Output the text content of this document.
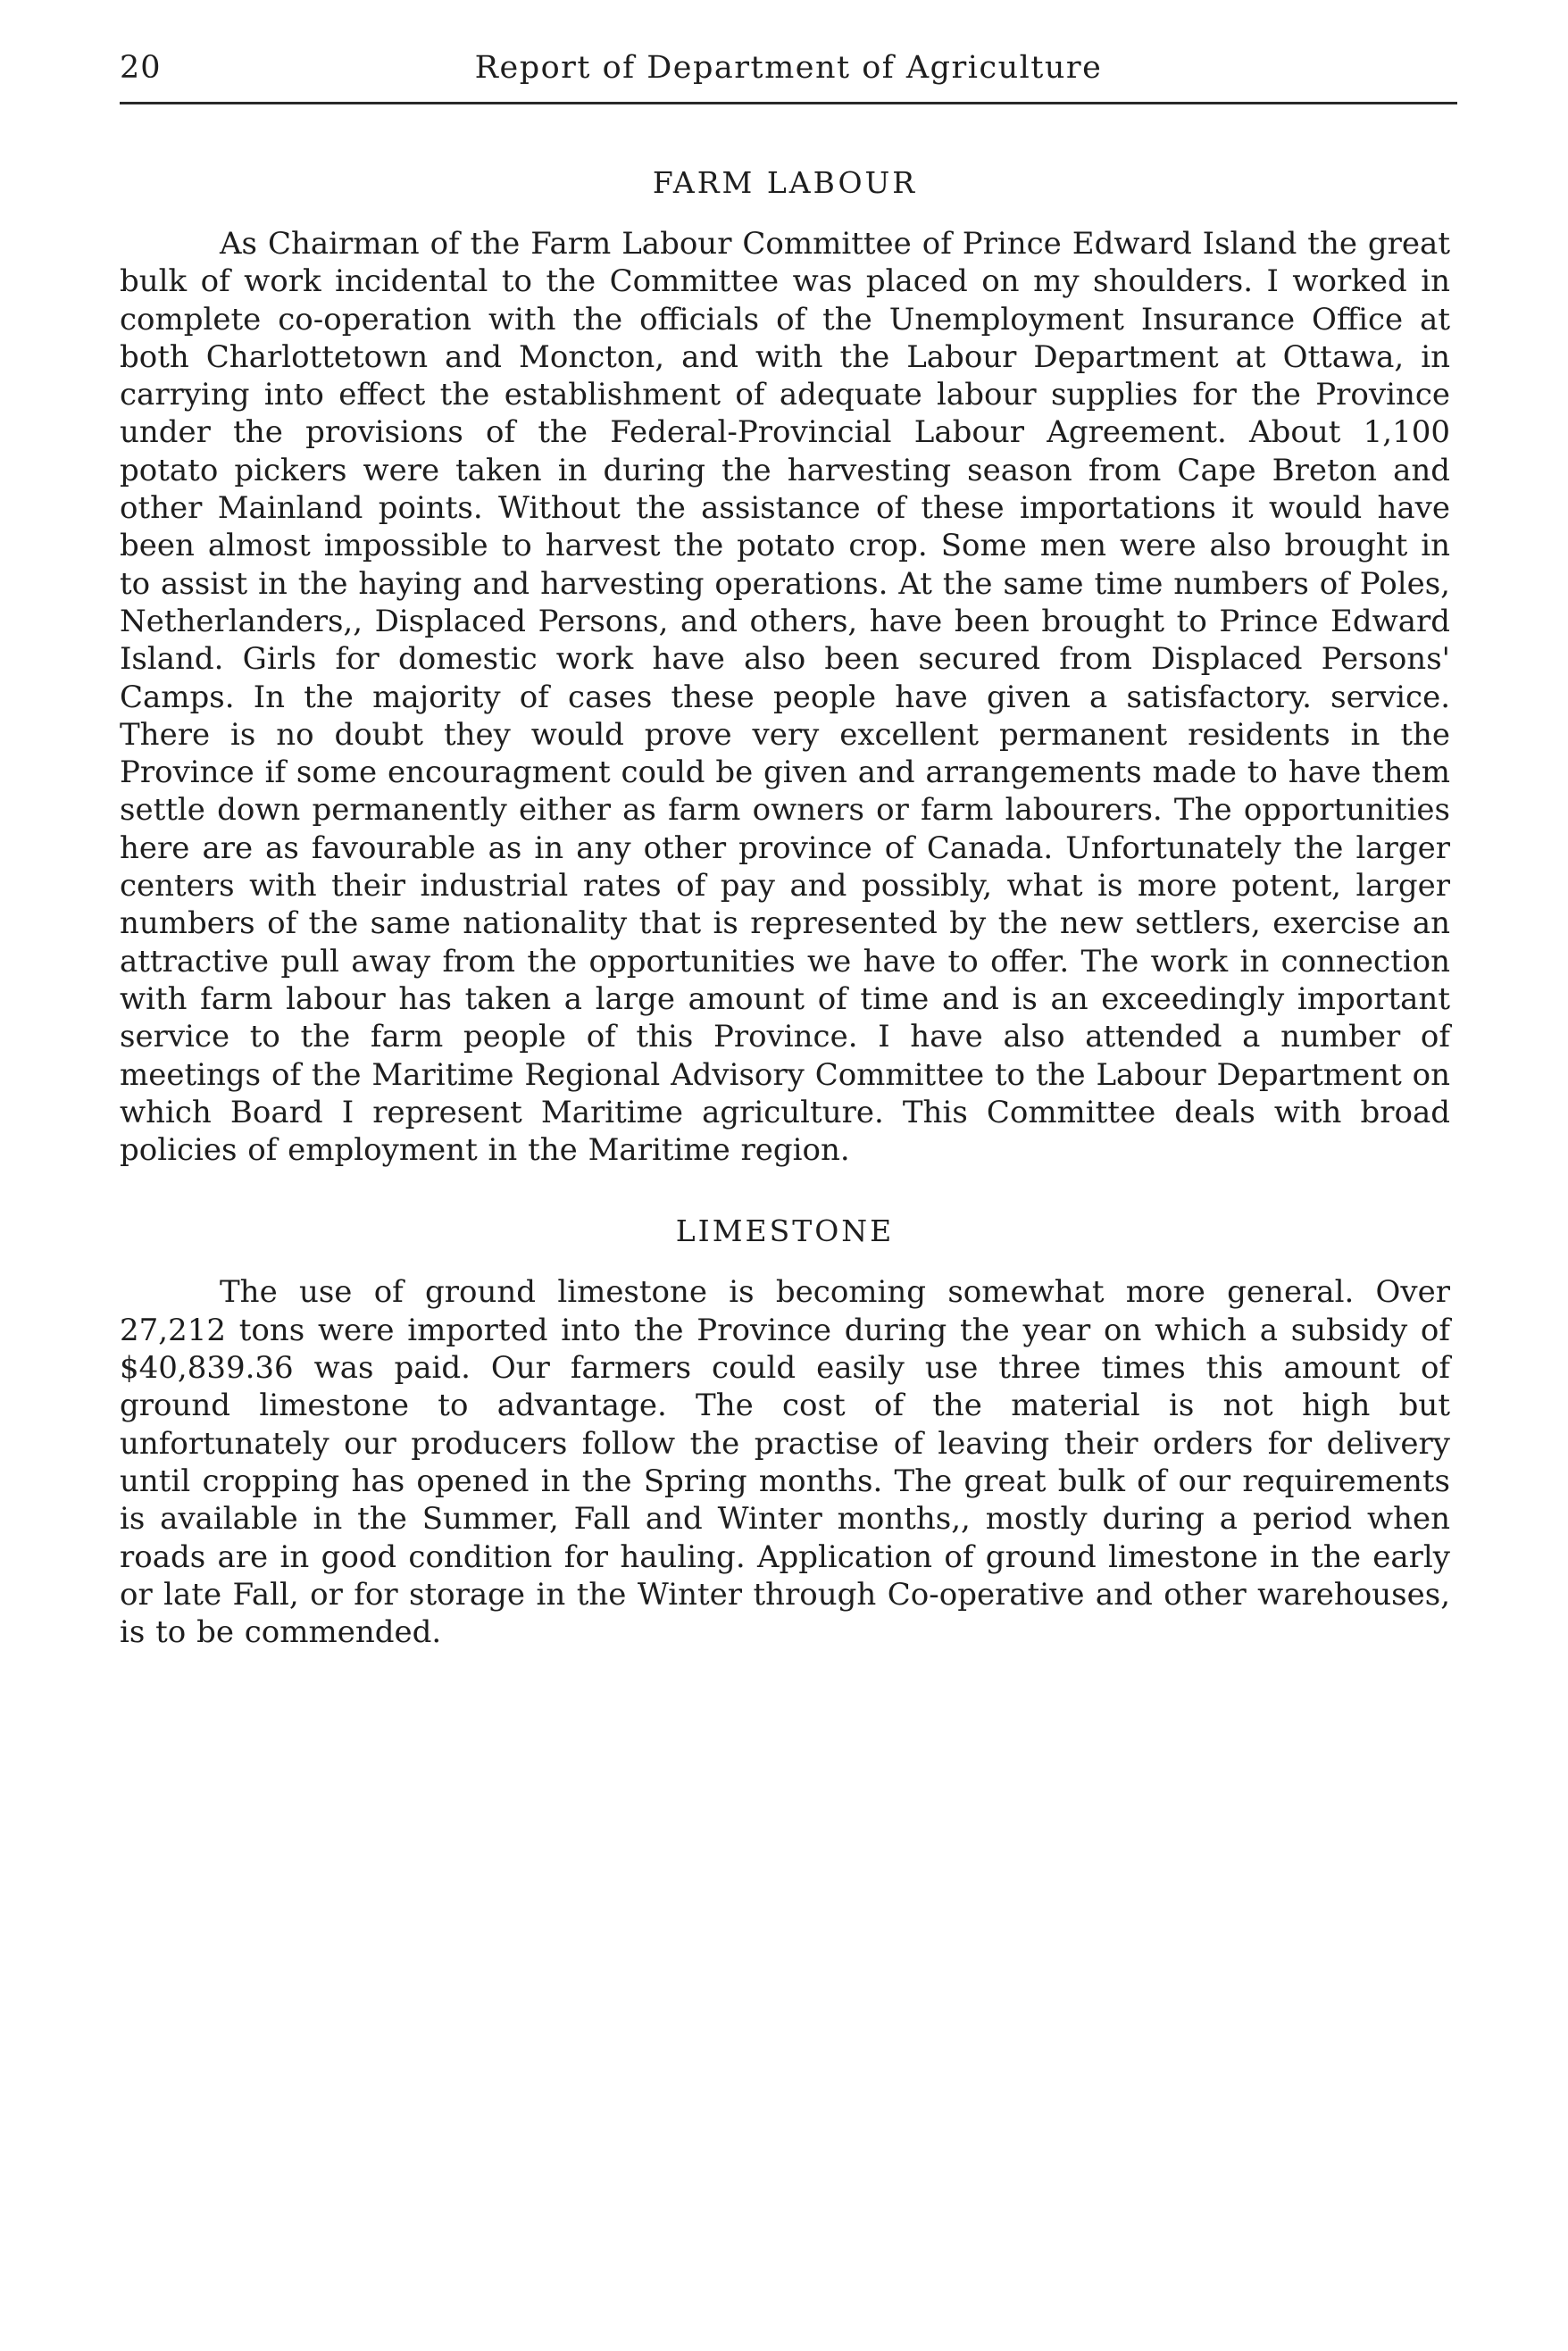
20	Report of Department of Agriculture
FARM LABOUR

As Chairman of the Farm Labour Committee of Prince Edward Island the great bulk of work incidental to the Committee was placed on my shoulders. I worked in complete co-operation with the officials of the Unemployment Insurance Office at both Charlottetown and Moncton, and with the Labour Department at Ottawa, in carrying into effect the establishment of adequate labour supplies for the Province under the provisions of the Federal-Provincial Labour Agreement. About 1,100 potato pickers were taken in during the harvesting season from Cape Breton and other Mainland points. Without the assistance of these importations it would have been almost impossible to harvest the potato crop. Some men were also brought in to assist in the haying and harvesting operations. At the same time numbers of Poles, Netherlanders,, Displaced Persons, and others, have been brought to Prince Edward Island. Girls for domestic work have also been secured from Displaced Persons' Camps. In the majority of cases these people have given a satisfactory. service. There is no doubt they would prove very excellent permanent residents in the Province if some encouragment could be given and arrangements made to have them settle down permanently either as farm owners or farm labourers. The opportunities here are as favourable as in any other province of Canada. Unfortunately the larger centers with their industrial rates of pay and possibly, what is more potent, larger numbers of the same nationality that is represented by the new settlers, exercise an attractive pull away from the opportunities we have to offer. The work in connection with farm labour has taken a large amount of time and is an exceedingly important service to the farm people of this Province. I have also attended a number of meetings of the Maritime Regional Advisory Committee to the Labour Department on which Board I represent Maritime agriculture. This Committee deals with broad policies of employment in the Maritime region.

LIMESTONE

The use of ground limestone is becoming somewhat more general. Over 27,212 tons were imported into the Province during the year on which a subsidy of $40,839.36 was paid. Our farmers could easily use three times this amount of ground limestone to advantage. The cost of the material is not high but unfortunately our producers follow the practise of leaving their orders for delivery until cropping has opened in the Spring months. The great bulk of our requirements is available in the Summer, Fall and Winter months,, mostly during a period when roads are in good condition for hauling. Application of ground limestone in the early or late Fall, or for storage in the Winter through Co-operative and other warehouses, is to be commended.
